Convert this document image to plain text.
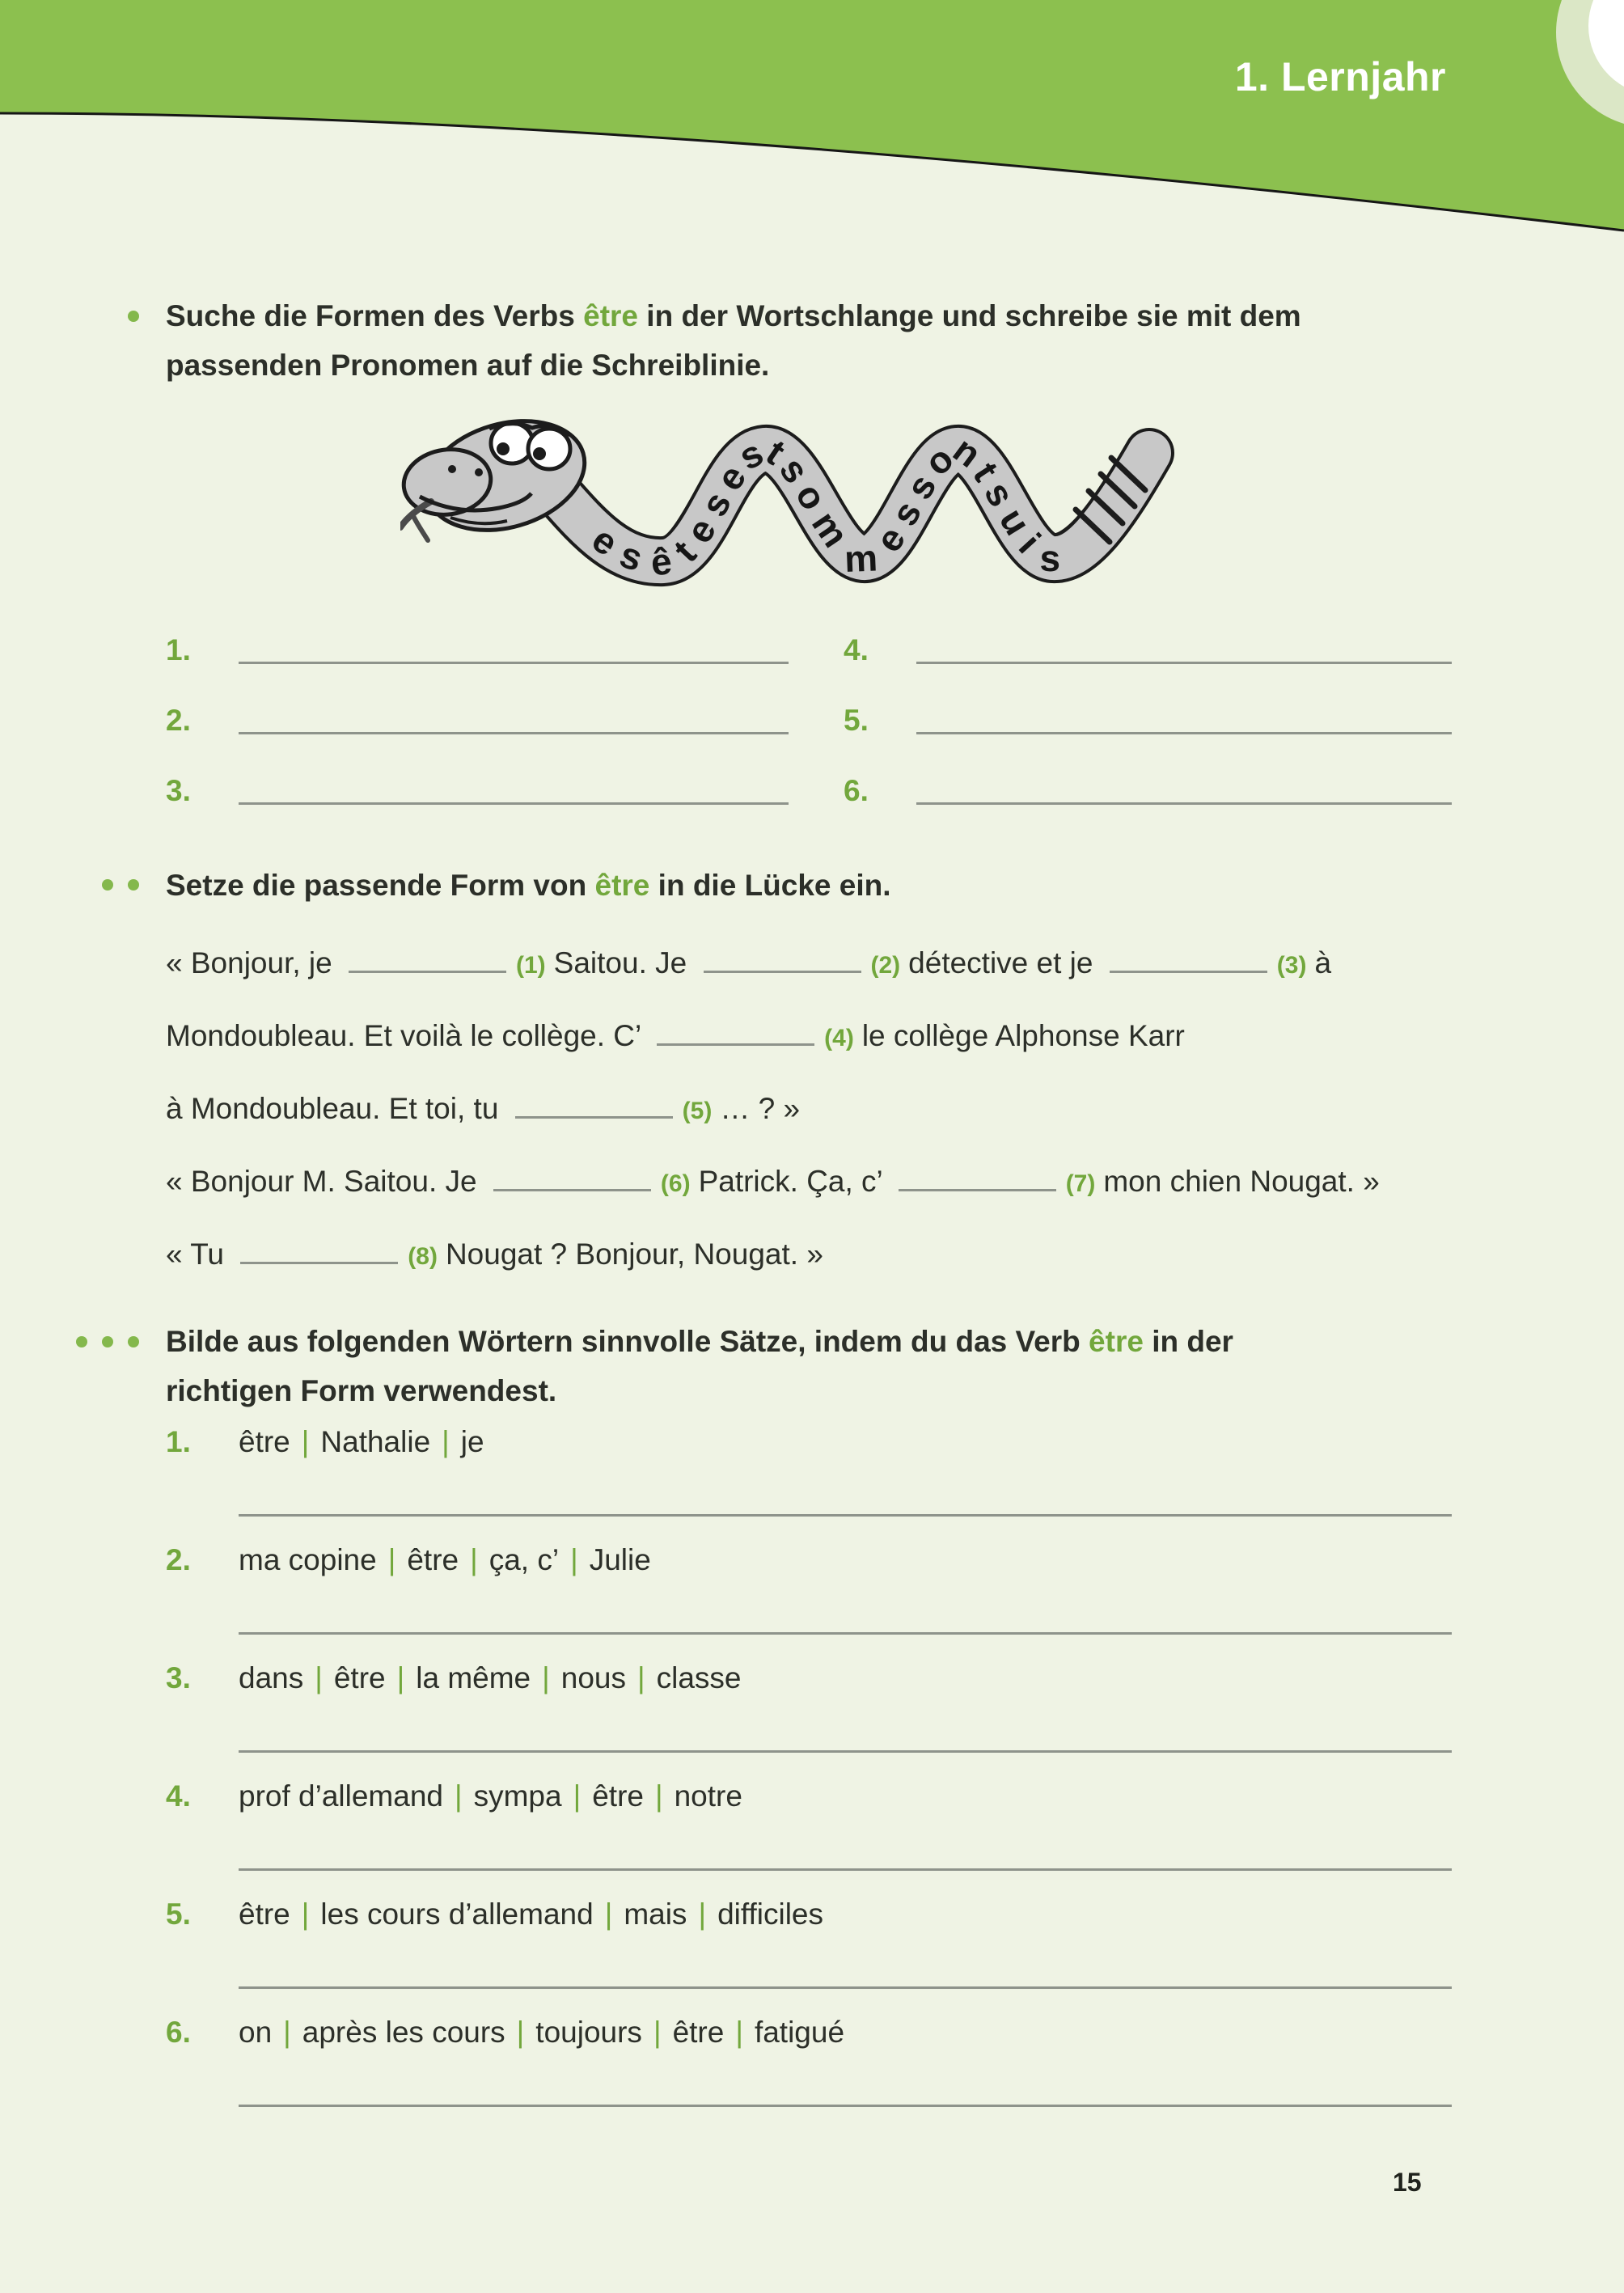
1. Lernjahr
Suche die Formen des Verbs être in der Wortschlange und schreibe sie mit dem
passenden Pronomen auf die Schreiblinie.
esêtesestsommessontsuis
1.	4.
2.	5.
3.	6.
Setze die passende Form von être in die Lücke ein.
« Bonjour, je	(1) Saitou. Je	(2) détective et je	(3) à
Mondoubleau. Et voilà le collège. C’	(4) le collège Alphonse Karr
à Mondoubleau. Et toi, tu	(5) … ? »
« Bonjour M. Saitou. Je	(6) Patrick. Ça, c’	(7) mon chien Nougat. »
« Tu	(8) Nougat ? Bonjour, Nougat. »
Bilde aus folgenden Wörtern sinnvolle Sätze, indem du das Verb être in der
richtigen Form verwendest.
1. être | Nathalie | je
2. ma copine | être | ça, c’ | Julie
3. dans | être | la même | nous | classe
4. prof d’allemand | sympa | être | notre
5. être | les cours d’allemand | mais | difficiles
6. on | après les cours | toujours | être | fatigué
15
